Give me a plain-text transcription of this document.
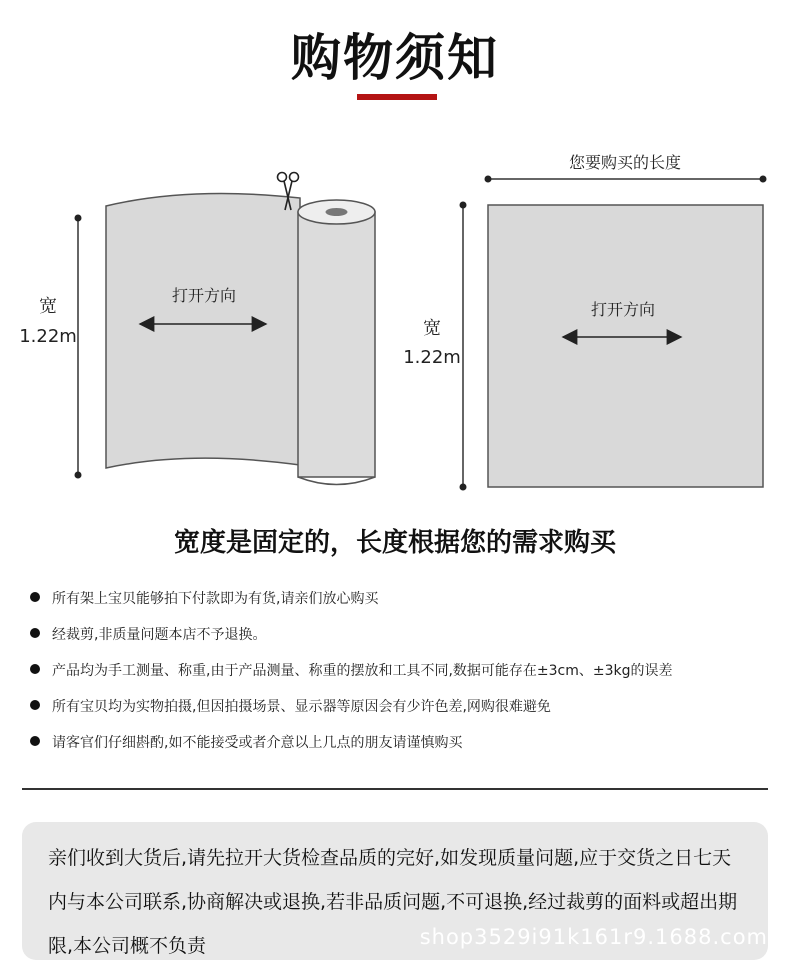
购物须知
宽
1.22m
打开方向
您要购买的长度
宽
1.22m
打开方向
宽度是固定的，长度根据您的需求购买
所有架上宝贝能够拍下付款即为有货,请亲们放心购买
经裁剪,非质量问题本店不予退换。
产品均为手工测量、称重,由于产品测量、称重的摆放和工具不同,数据可能存在±3cm、±3kg的误差
所有宝贝均为实物拍摄,但因拍摄场景、显示器等原因会有少许色差,网购很难避免
请客官们仔细斟酌,如不能接受或者介意以上几点的朋友请谨慎购买
亲们收到大货后,请先拉开大货检查品质的完好,如发现质量问题,应于交货之日七天内与本公司联系,协商解决或退换,若非品质问题,不可退换,经过裁剪的面料或超出期限,本公司概不负责	shop3529i91k161r9.1688.com
